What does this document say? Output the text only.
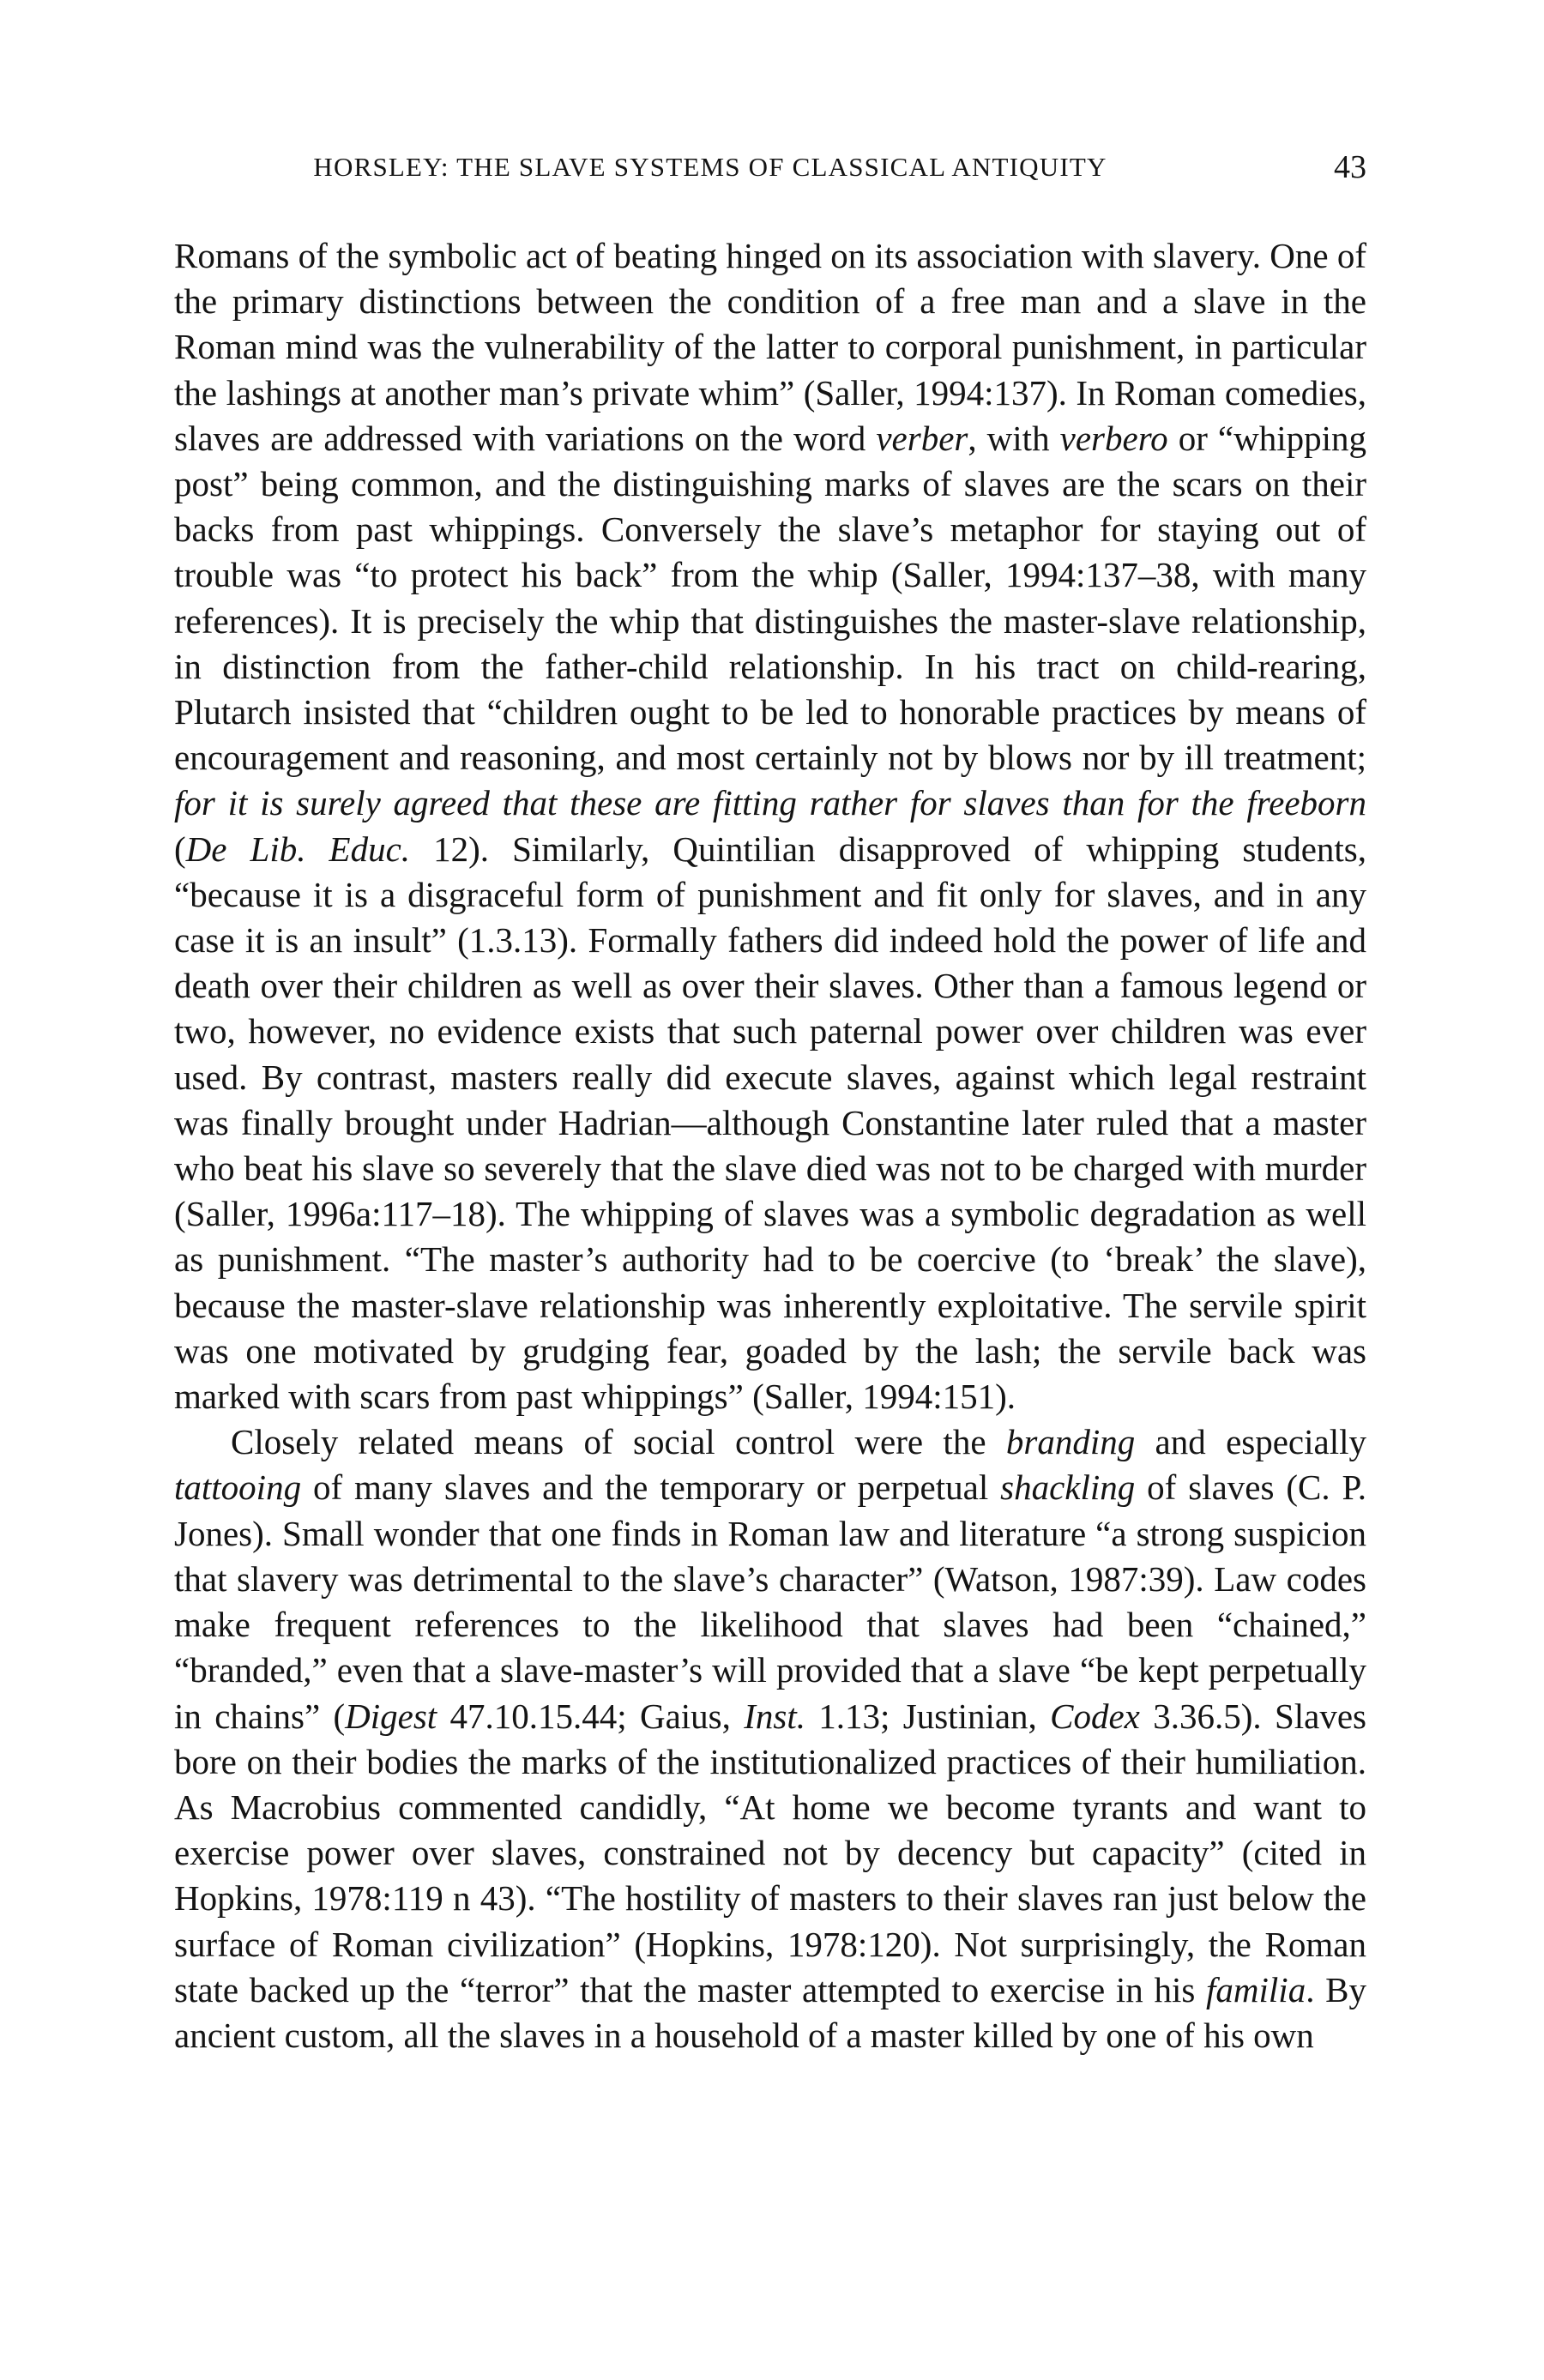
HORSLEY: THE SLAVE SYSTEMS OF CLASSICAL ANTIQUITY	43

Romans of the symbolic act of beating hinged on its association with slavery. One of the primary distinctions between the condition of a free man and a slave in the Roman mind was the vulnerability of the latter to corporal punishment, in particular the lashings at another man’s private whim” (Saller, 1994:137). In Roman comedies, slaves are addressed with variations on the word verber, with verbero or “whipping post” being common, and the distinguishing marks of slaves are the scars on their backs from past whippings. Conversely the slave’s metaphor for staying out of trouble was “to protect his back” from the whip (Saller, 1994:137–38, with many references). It is precisely the whip that distinguishes the master-slave relationship, in distinction from the father-child relationship. In his tract on child-rearing, Plutarch insisted that “children ought to be led to honorable practices by means of encouragement and reasoning, and most certainly not by blows nor by ill treatment; for it is surely agreed that these are fitting rather for slaves than for the freeborn (De Lib. Educ. 12). Similarly, Quintilian disapproved of whipping students, “because it is a disgraceful form of punishment and fit only for slaves, and in any case it is an insult” (1.3.13). Formally fathers did indeed hold the power of life and death over their children as well as over their slaves. Other than a famous legend or two, however, no evidence exists that such paternal power over children was ever used. By contrast, masters really did execute slaves, against which legal restraint was finally brought under Hadrian—although Constantine later ruled that a master who beat his slave so severely that the slave died was not to be charged with murder (Saller, 1996a:117–18). The whipping of slaves was a symbolic degradation as well as punishment. “The master’s authority had to be coercive (to ‘break’ the slave), because the master-slave relationship was inherently exploitative. The servile spirit was one motivated by grudging fear, goaded by the lash; the servile back was marked with scars from past whippings” (Saller, 1994:151).

Closely related means of social control were the branding and especially tattooing of many slaves and the temporary or perpetual shackling of slaves (C. P. Jones). Small wonder that one finds in Roman law and literature “a strong suspicion that slavery was detrimental to the slave’s character” (Watson, 1987:39). Law codes make frequent references to the likelihood that slaves had been “chained,” “branded,” even that a slave-master’s will provided that a slave “be kept perpetually in chains” (Digest 47.10.15.44; Gaius, Inst. 1.13; Justinian, Codex 3.36.5). Slaves bore on their bodies the marks of the institutionalized practices of their humiliation. As Macrobius commented candidly, “At home we become tyrants and want to exercise power over slaves, constrained not by decency but capacity” (cited in Hopkins, 1978:119 n 43). “The hostility of masters to their slaves ran just below the surface of Roman civilization” (Hopkins, 1978:120). Not surprisingly, the Roman state backed up the “terror” that the master attempted to exercise in his familia. By ancient custom, all the slaves in a household of a master killed by one of his own
